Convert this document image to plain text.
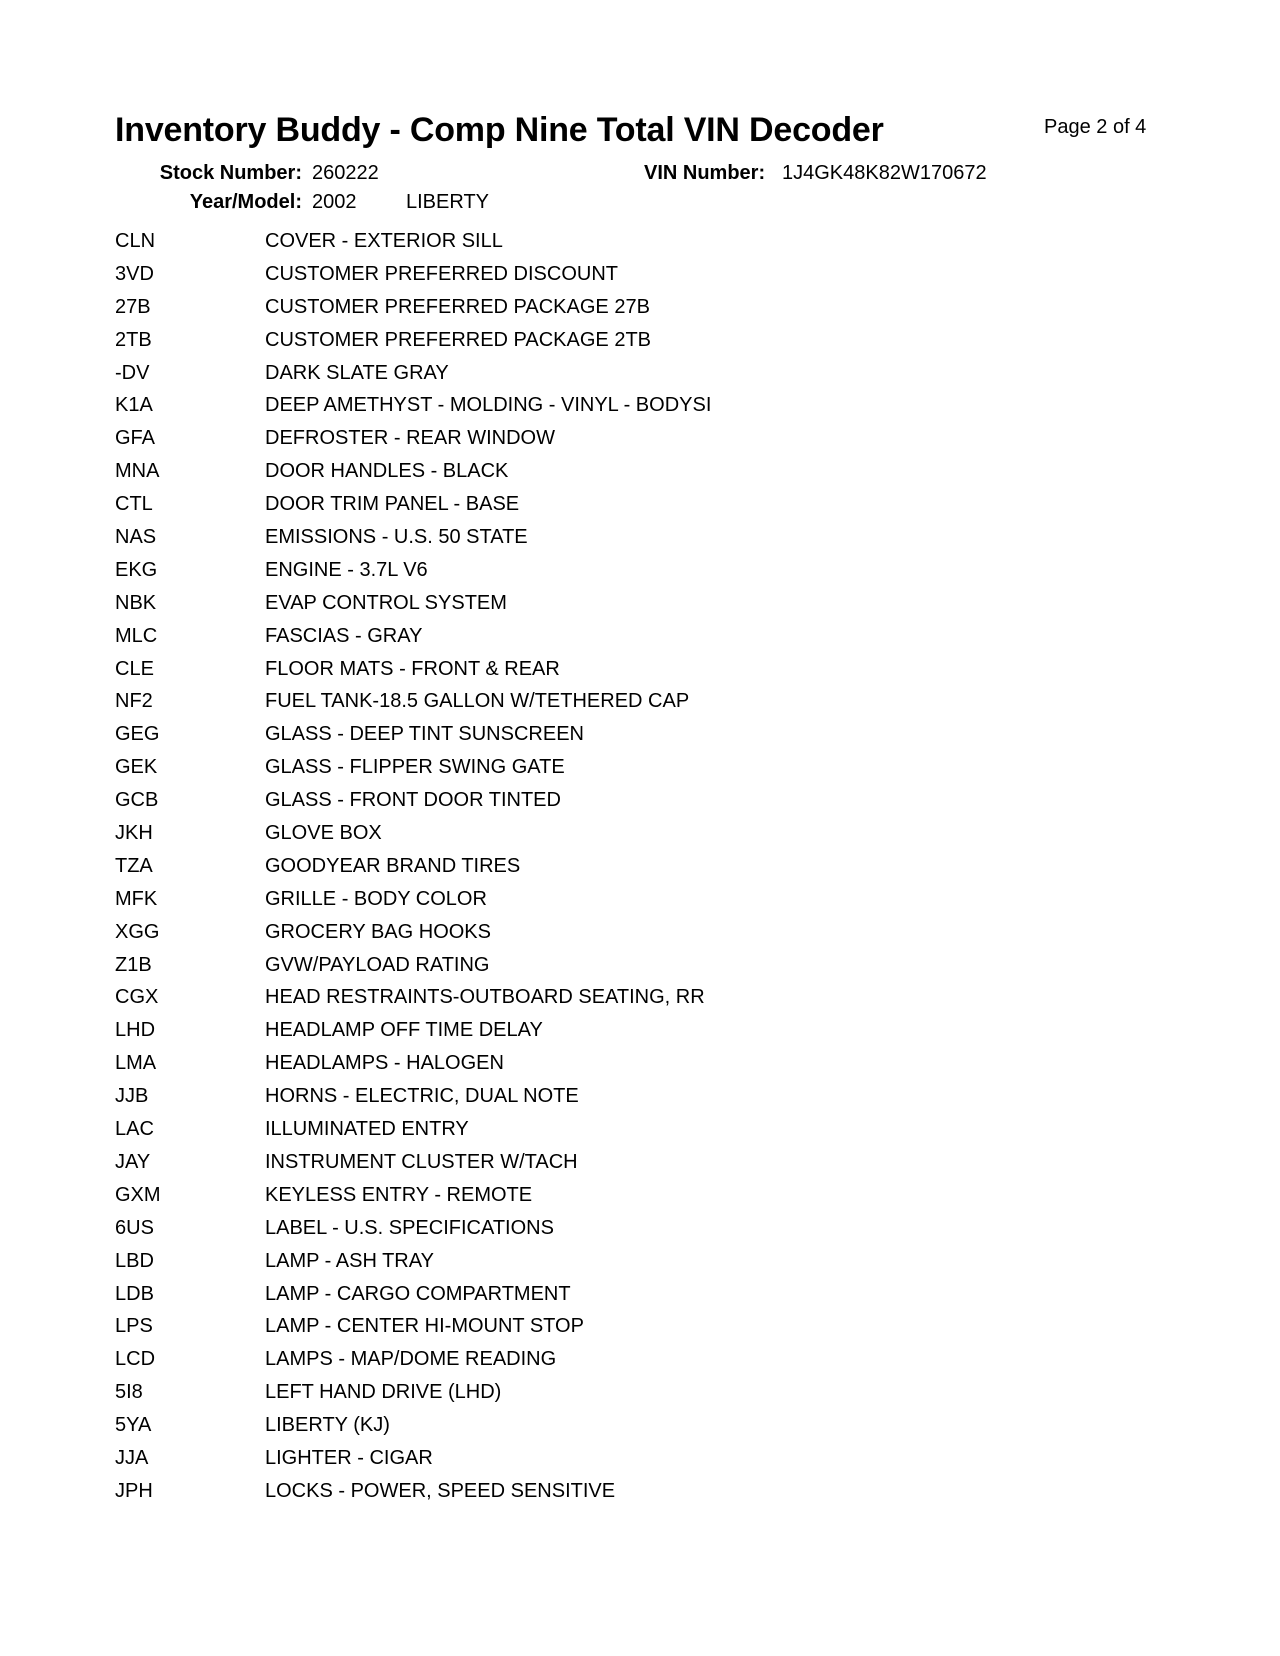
Inventory Buddy - Comp Nine Total VIN Decoder	Page 2 of 4
Stock Number: 260222
Year/Model: 2002 LIBERTY
VIN Number: 1J4GK48K82W170672
CLN	COVER - EXTERIOR SILL
3VD	CUSTOMER PREFERRED DISCOUNT
27B	CUSTOMER PREFERRED PACKAGE 27B
2TB	CUSTOMER PREFERRED PACKAGE 2TB
-DV	DARK SLATE GRAY
K1A	DEEP AMETHYST - MOLDING - VINYL - BODYSI
GFA	DEFROSTER - REAR WINDOW
MNA	DOOR HANDLES - BLACK
CTL	DOOR TRIM PANEL - BASE
NAS	EMISSIONS - U.S. 50 STATE
EKG	ENGINE - 3.7L V6
NBK	EVAP CONTROL SYSTEM
MLC	FASCIAS - GRAY
CLE	FLOOR MATS - FRONT & REAR
NF2	FUEL TANK-18.5 GALLON W/TETHERED CAP
GEG	GLASS - DEEP TINT SUNSCREEN
GEK	GLASS - FLIPPER SWING GATE
GCB	GLASS - FRONT DOOR TINTED
JKH	GLOVE BOX
TZA	GOODYEAR BRAND TIRES
MFK	GRILLE - BODY COLOR
XGG	GROCERY BAG HOOKS
Z1B	GVW/PAYLOAD RATING
CGX	HEAD RESTRAINTS-OUTBOARD SEATING, RR
LHD	HEADLAMP OFF TIME DELAY
LMA	HEADLAMPS - HALOGEN
JJB	HORNS - ELECTRIC, DUAL NOTE
LAC	ILLUMINATED ENTRY
JAY	INSTRUMENT CLUSTER W/TACH
GXM	KEYLESS ENTRY - REMOTE
6US	LABEL - U.S. SPECIFICATIONS
LBD	LAMP - ASH TRAY
LDB	LAMP - CARGO COMPARTMENT
LPS	LAMP - CENTER HI-MOUNT STOP
LCD	LAMPS - MAP/DOME READING
5I8	LEFT HAND DRIVE (LHD)
5YA	LIBERTY (KJ)
JJA	LIGHTER - CIGAR
JPH	LOCKS - POWER, SPEED SENSITIVE
